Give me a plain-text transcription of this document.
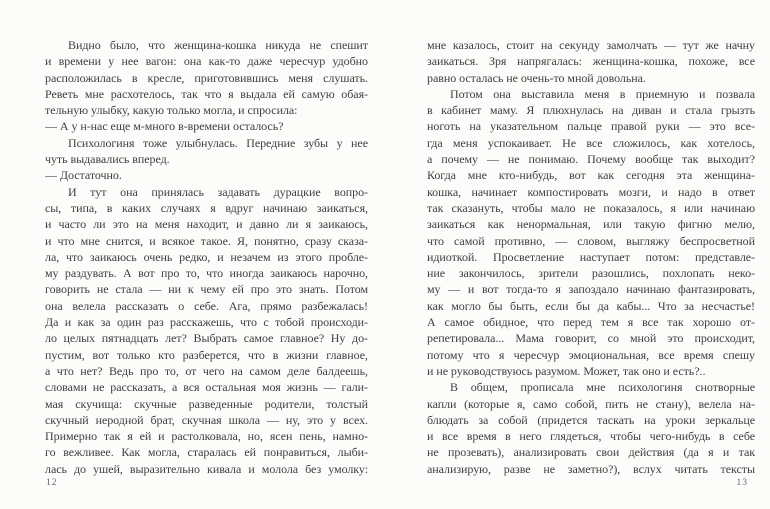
Видно было, что женщина-кошка никуда не спешит
и времени у нее вагон: она как-то даже чересчур удобно
расположилась в кресле, приготовившись меня слушать.
Реветь мне расхотелось, так что я выдала ей самую обая-
тельную улыбку, какую только могла, и спросила:
— А у н-нас еще м-много в-времени осталось?
Психологиня тоже улыбнулась. Передние зубы у нее
чуть выдавались вперед.
— Достаточно.
И тут она принялась задавать дурацкие вопро-
сы, типа, в каких случаях я вдруг начинаю заикаться,
и часто ли это на меня находит, и давно ли я заикаюсь,
и что мне снится, и всякое такое. Я, понятно, сразу сказа-
ла, что заикаюсь очень редко, и незачем из этого пробле-
му раздувать. А вот про то, что иногда заикаюсь нарочно,
говорить не стала — ни к чему ей про это знать. Потом
она велела рассказать о себе. Ага, прямо разбежалась!
Да и как за один раз расскажешь, что с тобой происходи-
ло целых пятнадцать лет? Выбрать самое главное? Ну до-
пустим, вот только кто разберется, что в жизни главное,
а что нет? Ведь про то, от чего на самом деле балдеешь,
словами не рассказать, а вся остальная моя жизнь — гали-
мая скучища: скучные разведенные родители, толстый
скучный неродной брат, скучная школа — ну, это у всех.
Примерно так я ей и растолковала, но, ясен пень, намно-
го вежливее. Как могла, старалась ей понравиться, лыби-
лась до ушей, выразительно кивала и молола без умолку:
мне казалось, стоит на секунду замолчать — тут же начну
заикаться. Зря напрягалась: женщина-кошка, похоже, все
равно осталась не очень-то мной довольна.
Потом она выставила меня в приемную и позвала
в кабинет маму. Я плюхнулась на диван и стала грызть
ноготь на указательном пальце правой руки — это все-
гда меня успокаивает. Не все сложилось, как хотелось,
а почему — не понимаю. Почему вообще так выходит?
Когда мне кто-нибудь, вот как сегодня эта женщина-
кошка, начинает компостировать мозги, и надо в ответ
так сказануть, чтобы мало не показалось, я или начинаю
заикаться как ненормальная, или такую фигню мелю,
что самой противно, — словом, выгляжу беспросветной
идиоткой. Просветление наступает потом: представле-
ние закончилось, зрители разошлись, похлопать неко-
му — и вот тогда-то я запоздало начинаю фантазировать,
как могло бы быть, если бы да кабы... Что за несчастье!
А самое обидное, что перед тем я все так хорошо от-
репетировала... Мама говорит, со мной это происходит,
потому что я чересчур эмоциональная, все время спешу
и не руководствуюсь разумом. Может, так оно и есть?..
В общем, прописала мне психологиня снотворные
капли (которые я, само собой, пить не стану), велела на-
блюдать за собой (придется таскать на уроки зеркальце
и все время в него глядеться, чтобы чего-нибудь в себе
не прозевать), анализировать свои действия (да я и так
анализирую, разве не заметно?), вслух читать тексты
12	13
